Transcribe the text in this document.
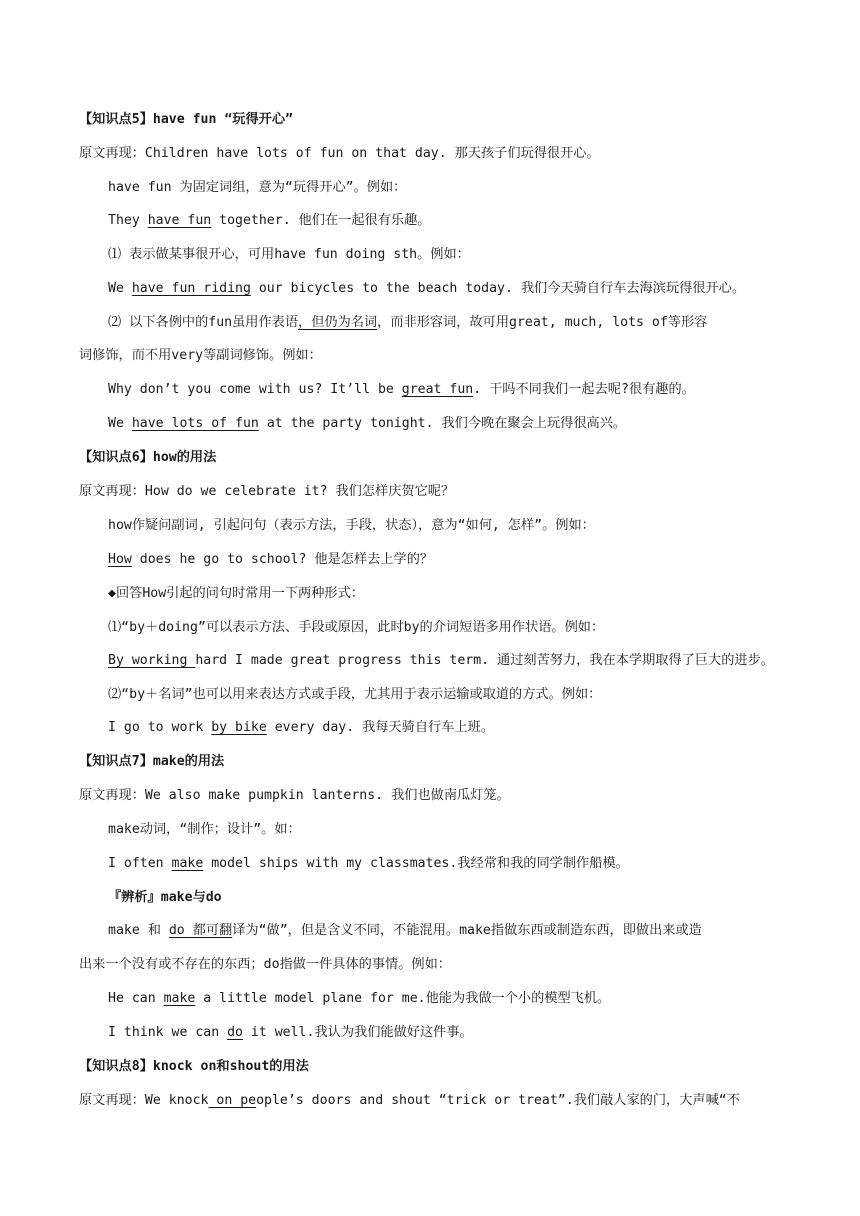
【知识点5】have fun “玩得开心”
原文再现：Children have lots of fun on that day. 那天孩子们玩得很开心。
have fun 为固定词组，意为“玩得开心”。例如：
They have fun together. 他们在一起很有乐趣。
⑴ 表示做某事很开心，可用have fun doing sth。例如：
We have fun riding our bicycles to the beach today. 我们今天骑自行车去海滨玩得很开心。
⑵ 以下各例中的fun虽用作表语，但仍为名词，而非形容词，故可用great, much, lots of等形容
词修饰，而不用very等副词修饰。例如：
Why don’t you come with us? It’ll be great fun. 干吗不同我们一起去呢?很有趣的。
We have lots of fun at the party tonight. 我们今晚在聚会上玩得很高兴。
【知识点6】how的用法
原文再现：How do we celebrate it? 我们怎样庆贺它呢？
how作疑问副词, 引起问句（表示方法，手段，状态），意为“如何, 怎样”。例如：
How does he go to school? 他是怎样去上学的？
◆回答How引起的问句时常用一下两种形式：
⑴“by＋doing”可以表示方法、手段或原因，此时by的介词短语多用作状语。例如：
By working hard I made great progress this term. 通过刻苦努力，我在本学期取得了巨大的进步。
⑵“by＋名词”也可以用来表达方式或手段，尤其用于表示运输或取道的方式。例如：
I go to work by bike every day. 我每天骑自行车上班。
【知识点7】make的用法
原文再现：We also make pumpkin lanterns. 我们也做南瓜灯笼。
make动词，“制作；设计”。如：
I often make model ships with my classmates.我经常和我的同学制作船模。
『辨析』make与do
make 和 do 都可翻译为“做”，但是含义不同，不能混用。make指做东西或制造东西，即做出来或造
出来一个没有或不存在的东西；do指做一件具体的事情。例如：
He can make a little model plane for me.他能为我做一个小的模型飞机。
I think we can do it well.我认为我们能做好这件事。
【知识点8】knock on和shout的用法
原文再现：We knock on people’s doors and shout “trick or treat”.我们敲人家的门，大声喊“不
